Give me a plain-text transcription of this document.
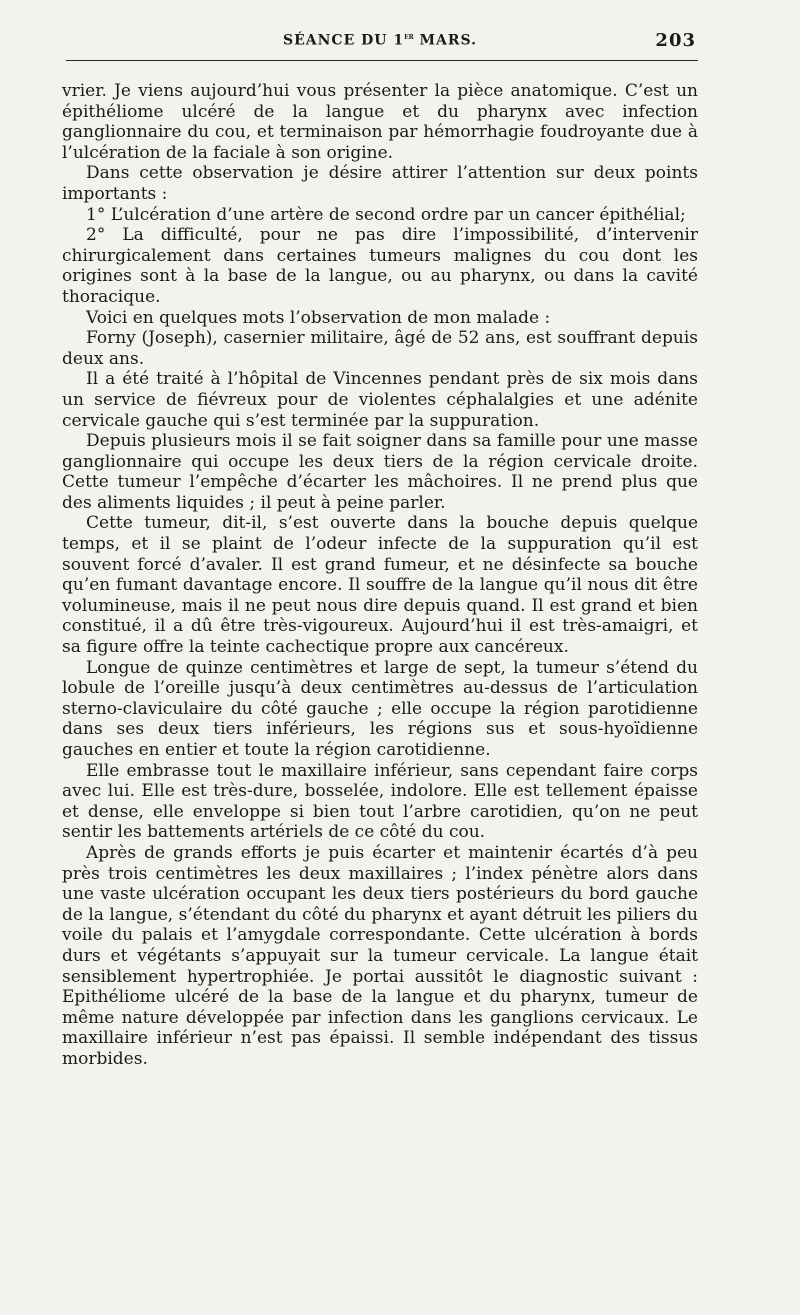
SÉANCE DU 1er MARS.	203

vrier. Je viens aujourd’hui vous présenter la pièce anatomique. C’est un épithéliome ulcéré de la langue et du pharynx avec infection ganglionnaire du cou, et terminaison par hémorrhagie foudroyante due à l’ulcération de la faciale à son origine.

Dans cette observation je désire attirer l’attention sur deux points importants :

1° L’ulcération d’une artère de second ordre par un cancer épithélial;

2° La difficulté, pour ne pas dire l’impossibilité, d’intervenir chirurgicalement dans certaines tumeurs malignes du cou dont les origines sont à la base de la langue, ou au pharynx, ou dans la cavité thoracique.

Voici en quelques mots l’observation de mon malade :

Forny (Joseph), casernier militaire, âgé de 52 ans, est souffrant depuis deux ans.

Il a été traité à l’hôpital de Vincennes pendant près de six mois dans un service de fiévreux pour de violentes céphalalgies et une adénite cervicale gauche qui s’est terminée par la suppuration.

Depuis plusieurs mois il se fait soigner dans sa famille pour une masse ganglionnaire qui occupe les deux tiers de la région cervicale droite. Cette tumeur l’empêche d’écarter les mâchoires. Il ne prend plus que des aliments liquides ; il peut à peine parler.

Cette tumeur, dit-il, s’est ouverte dans la bouche depuis quelque temps, et il se plaint de l’odeur infecte de la suppuration qu’il est souvent forcé d’avaler. Il est grand fumeur, et ne désinfecte sa bouche qu’en fumant davantage encore. Il souffre de la langue qu’il nous dit être volumineuse, mais il ne peut nous dire depuis quand. Il est grand et bien constitué, il a dû être très-vigoureux. Aujourd’hui il est très-amaigri, et sa figure offre la teinte cachectique propre aux cancéreux.

Longue de quinze centimètres et large de sept, la tumeur s’étend du lobule de l’oreille jusqu’à deux centimètres au-dessus de l’articulation sterno-claviculaire du côté gauche ; elle occupe la région parotidienne dans ses deux tiers inférieurs, les régions sus et sous-hyoïdienne gauches en entier et toute la région carotidienne.

Elle embrasse tout le maxillaire inférieur, sans cependant faire corps avec lui. Elle est très-dure, bosselée, indolore. Elle est tellement épaisse et dense, elle enveloppe si bien tout l’arbre carotidien, qu’on ne peut sentir les battements artériels de ce côté du cou.

Après de grands efforts je puis écarter et maintenir écartés d’à peu près trois centimètres les deux maxillaires ; l’index pénètre alors dans une vaste ulcération occupant les deux tiers postérieurs du bord gauche de la langue, s’étendant du côté du pharynx et ayant détruit les piliers du voile du palais et l’amygdale correspondante. Cette ulcération à bords durs et végétants s’appuyait sur la tumeur cervicale. La langue était sensiblement hypertrophiée. Je portai aussitôt le diagnostic suivant : Epithéliome ulcéré de la base de la langue et du pharynx, tumeur de même nature développée par infection dans les ganglions cervicaux. Le maxillaire inférieur n’est pas épaissi. Il semble indépendant des tissus morbides.
